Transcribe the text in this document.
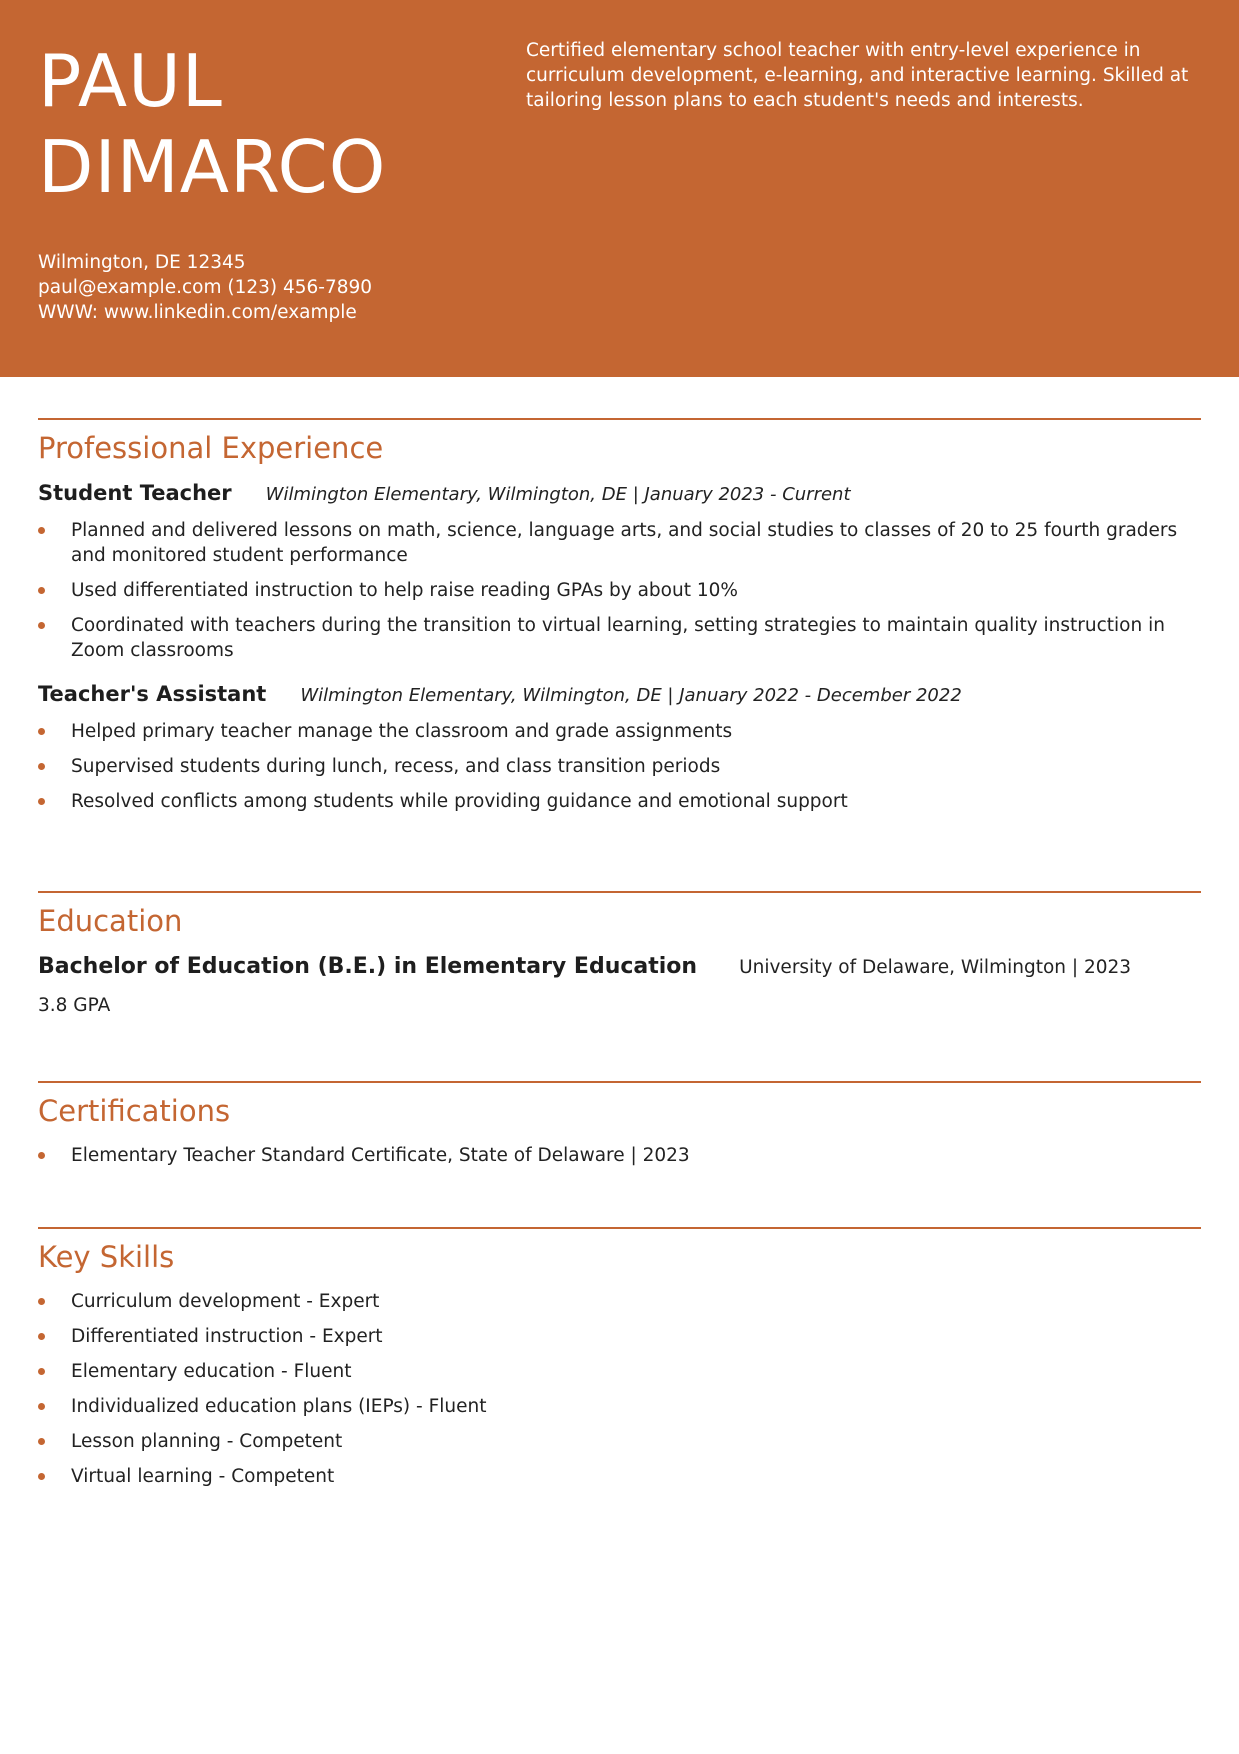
PAUL
DIMARCO

Certified elementary school teacher with entry-level experience in curriculum development, e-learning, and interactive learning. Skilled at tailoring lesson plans to each student's needs and interests.

Wilmington, DE 12345
paul@example.com (123) 456-7890
WWW: www.linkedin.com/example
Professional Experience
Student Teacher Wilmington Elementary, Wilmington, DE | January 2023 - Current
Planned and delivered lessons on math, science, language arts, and social studies to classes of 20 to 25 fourth graders and monitored student performance
Used differentiated instruction to help raise reading GPAs by about 10%
Coordinated with teachers during the transition to virtual learning, setting strategies to maintain quality instruction in Zoom classrooms
Teacher's Assistant Wilmington Elementary, Wilmington, DE | January 2022 - December 2022
Helped primary teacher manage the classroom and grade assignments
Supervised students during lunch, recess, and class transition periods
Resolved conflicts among students while providing guidance and emotional support
Education
Bachelor of Education (B.E.) in Elementary Education University of Delaware, Wilmington | 2023
3.8 GPA
Certifications
Elementary Teacher Standard Certificate, State of Delaware | 2023
Key Skills
Curriculum development - Expert
Differentiated instruction - Expert
Elementary education - Fluent
Individualized education plans (IEPs) - Fluent
Lesson planning - Competent
Virtual learning - Competent
